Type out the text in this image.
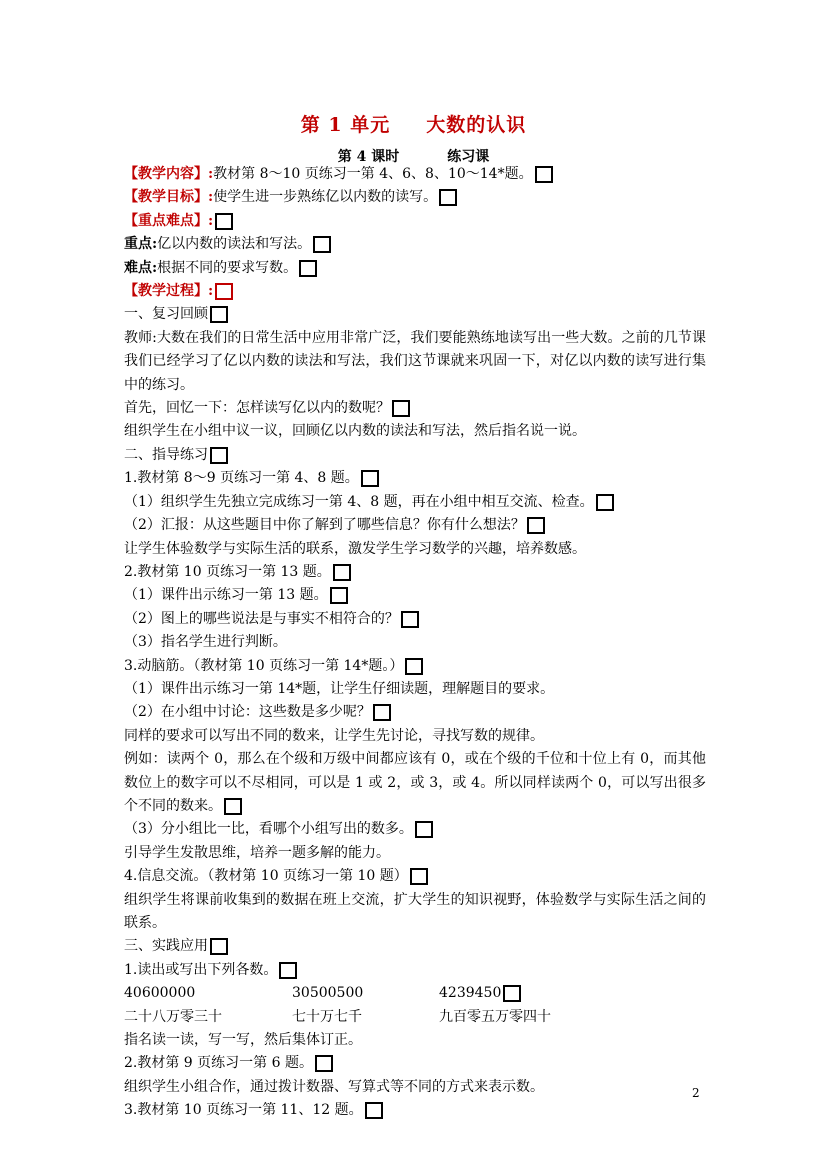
第 1 单元 大数的认识
第 4 课时	练习课
【教学内容】:教材第 8～10 页练习一第 4、6、8、10～14*题。
【教学目标】:使学生进一步熟练亿以内数的读写。
【重点难点】:
重点:亿以内数的读法和写法。
难点:根据不同的要求写数。
【教学过程】:
一、复习回顾
教师:大数在我们的日常生活中应用非常广泛，我们要能熟练地读写出一些大数。之前的几节课我们已经学习了亿以内数的读法和写法，我们这节课就来巩固一下，对亿以内数的读写进行集中的练习。
首先，回忆一下：怎样读写亿以内的数呢？
组织学生在小组中议一议，回顾亿以内数的读法和写法，然后指名说一说。
二、指导练习
1.教材第 8～9 页练习一第 4、8 题。
（1）组织学生先独立完成练习一第 4、8 题，再在小组中相互交流、检查。
（2）汇报：从这些题目中你了解到了哪些信息？你有什么想法？
让学生体验数学与实际生活的联系，激发学生学习数学的兴趣，培养数感。
2.教材第 10 页练习一第 13 题。
（1）课件出示练习一第 13 题。
（2）图上的哪些说法是与事实不相符合的？
（3）指名学生进行判断。
3.动脑筋。（教材第 10 页练习一第 14*题。）
（1）课件出示练习一第 14*题，让学生仔细读题，理解题目的要求。
（2）在小组中讨论：这些数是多少呢？
同样的要求可以写出不同的数来，让学生先讨论，寻找写数的规律。
例如：读两个 0，那么在个级和万级中间都应该有 0，或在个级的千位和十位上有 0，而其他数位上的数字可以不尽相同，可以是 1 或 2，或 3，或 4。所以同样读两个 0，可以写出很多个不同的数来。
（3）分小组比一比，看哪个小组写出的数多。
引导学生发散思维，培养一题多解的能力。
4.信息交流。（教材第 10 页练习一第 10 题）
组织学生将课前收集到的数据在班上交流，扩大学生的知识视野，体验数学与实际生活之间的联系。
三、实践应用
1.读出或写出下列各数。
40600000	30500500	4239450
二十八万零三十	七十万七千	九百零五万零四十
指名读一读，写一写，然后集体订正。
2.教材第 9 页练习一第 6 题。
组织学生小组合作，通过拨计数器、写算式等不同的方式来表示数。
3.教材第 10 页练习一第 11、12 题。
2
